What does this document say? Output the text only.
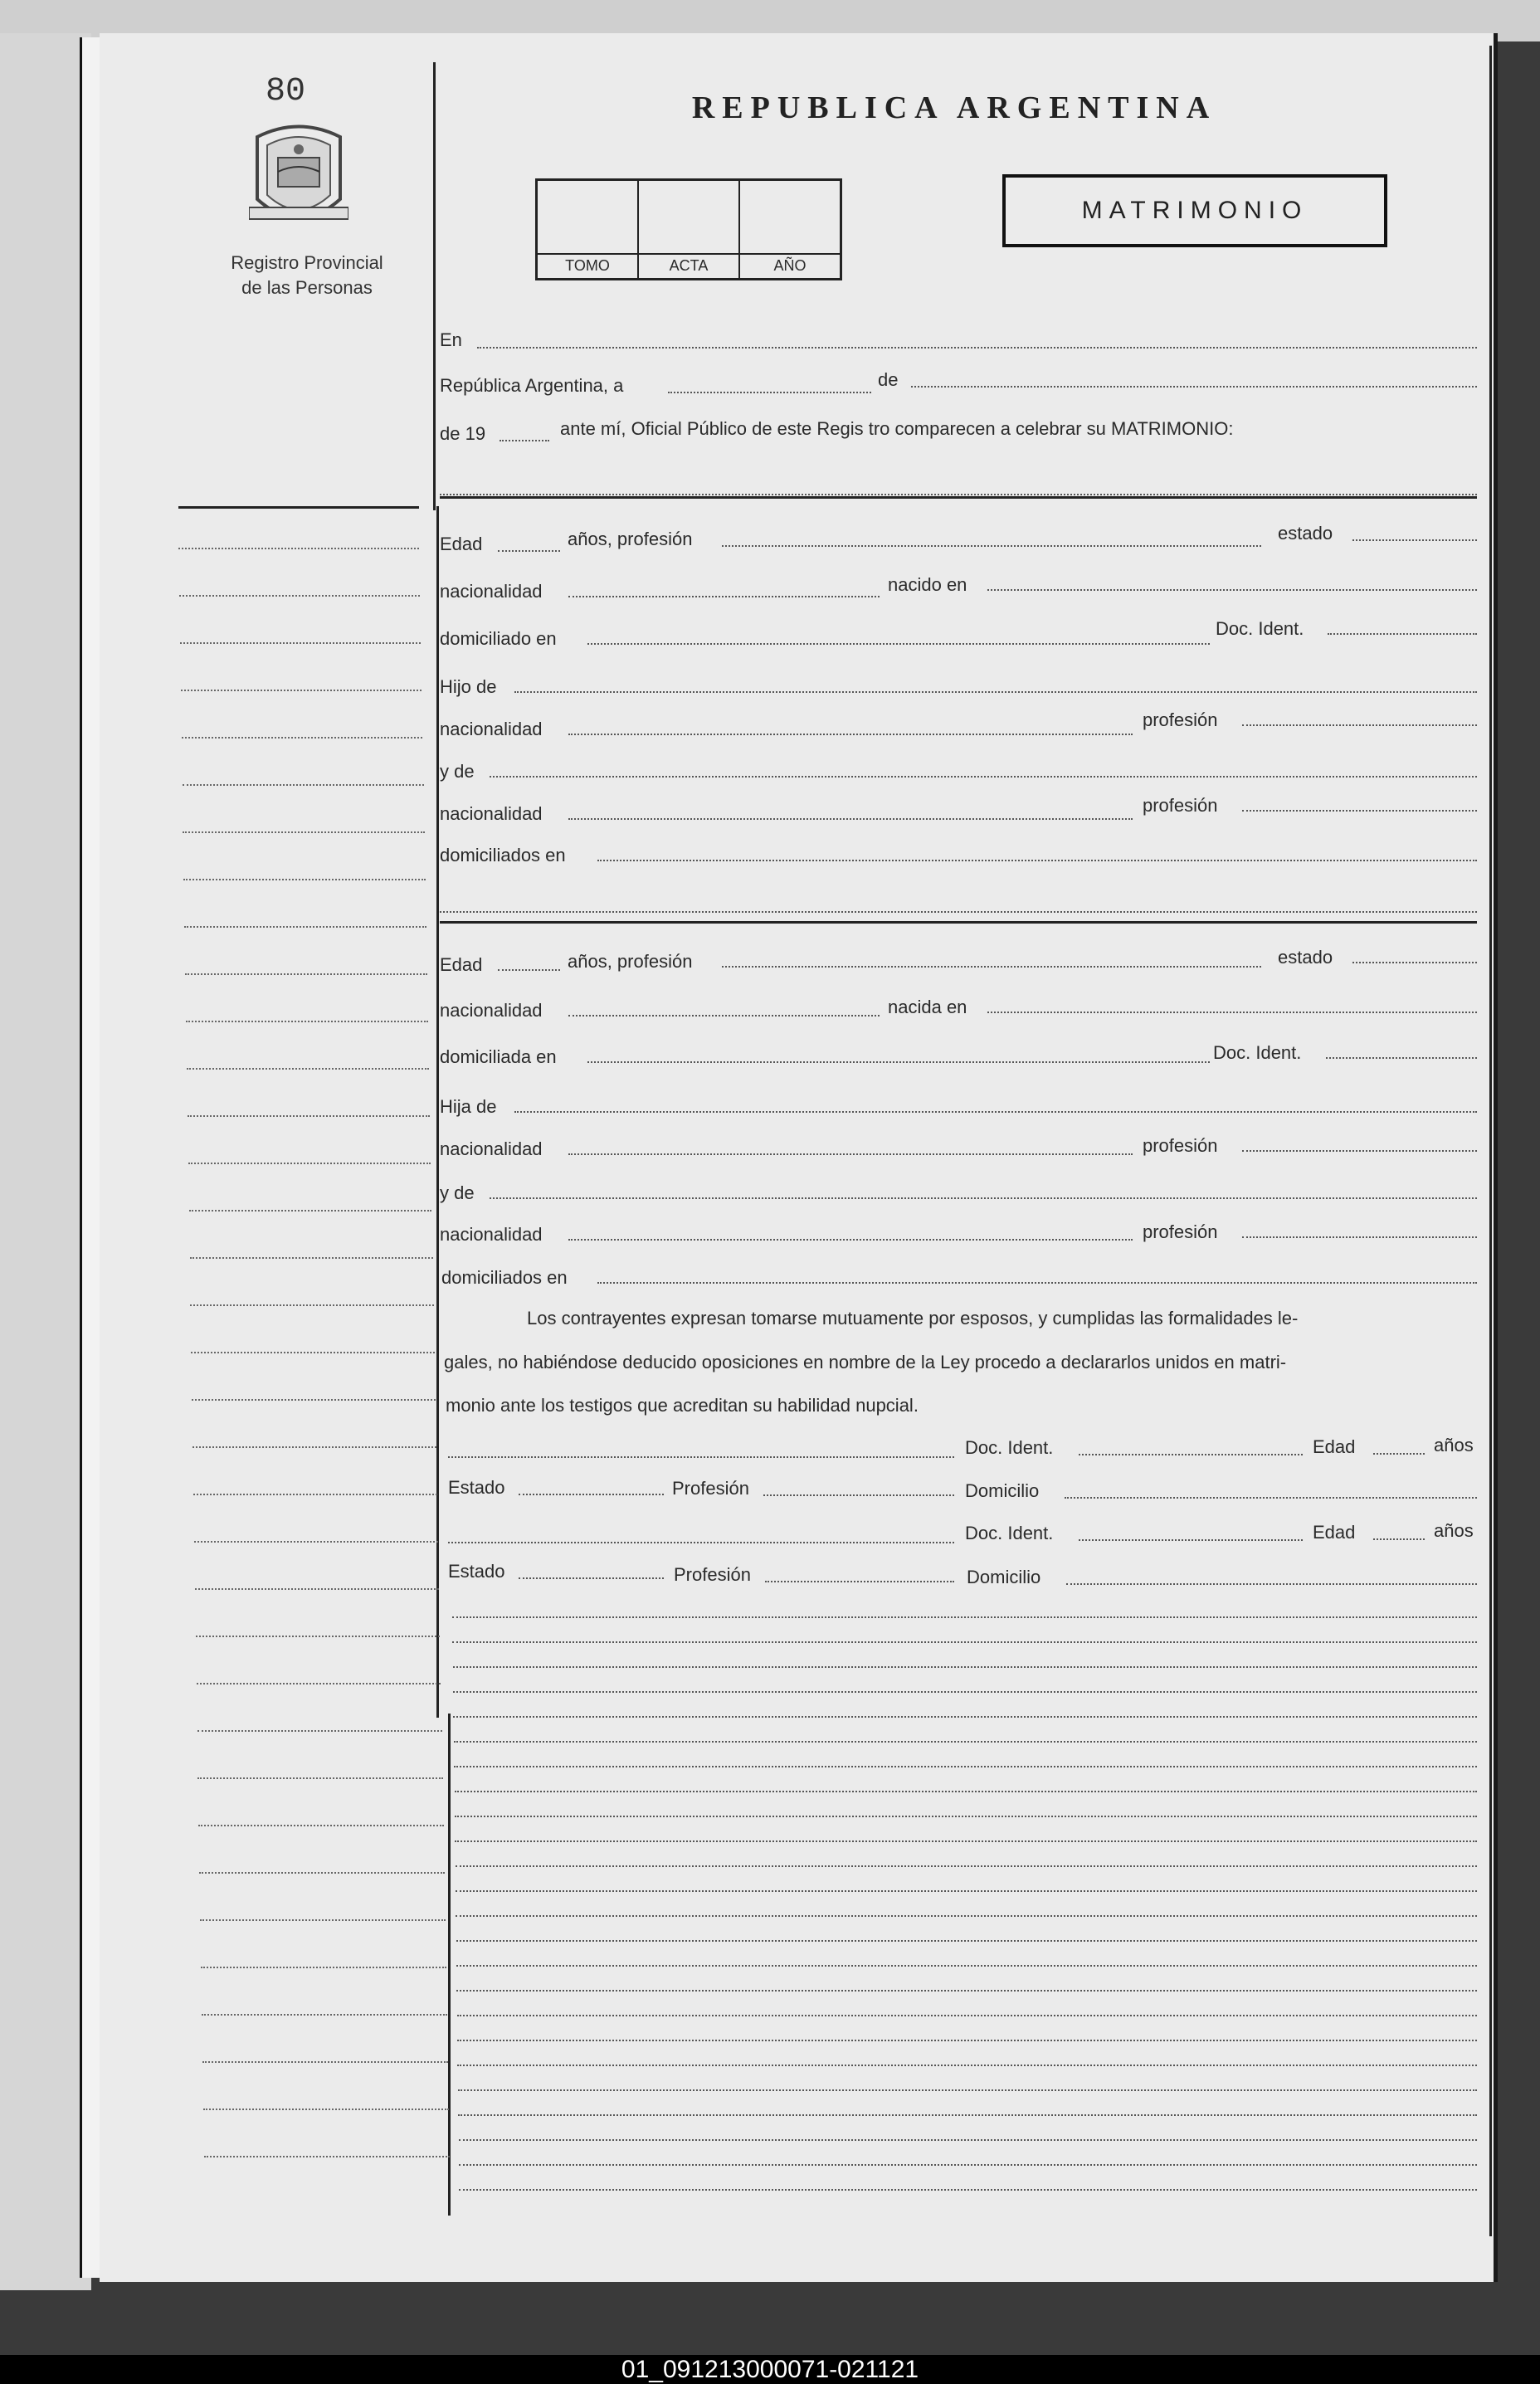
80
Registro Provincial
de las Personas
REPUBLICA ARGENTINA
TOMO	ACTA	AÑO
MATRIMONIO
En
República Argentina, a	de
de 19	ante mí, Oficial Público de este Regis tro comparecen a celebrar su MATRIMONIO:
Edad	años, profesión	estado
nacionalidad	nacido en
domiciliado en	Doc. Ident.
Hijo de
nacionalidad	profesión
y de
nacionalidad	profesión
domiciliados en
Edad	años, profesión	estado
nacionalidad	nacida en
domiciliada en	Doc. Ident.
Hija de
nacionalidad	profesión
y de
nacionalidad	profesión
domiciliados en
Los contrayentes expresan tomarse mutuamente por esposos, y cumplidas las formalidades le-
gales, no habiéndose deducido oposiciones en nombre de la Ley procedo a declararlos unidos en matri-
monio ante los testigos que acreditan su habilidad nupcial.
Doc. Ident.	Edad	años
Estado	Profesión	Domicilio
Doc. Ident.	Edad	años
Estado	Profesión	Domicilio
01_091213000071-021121
